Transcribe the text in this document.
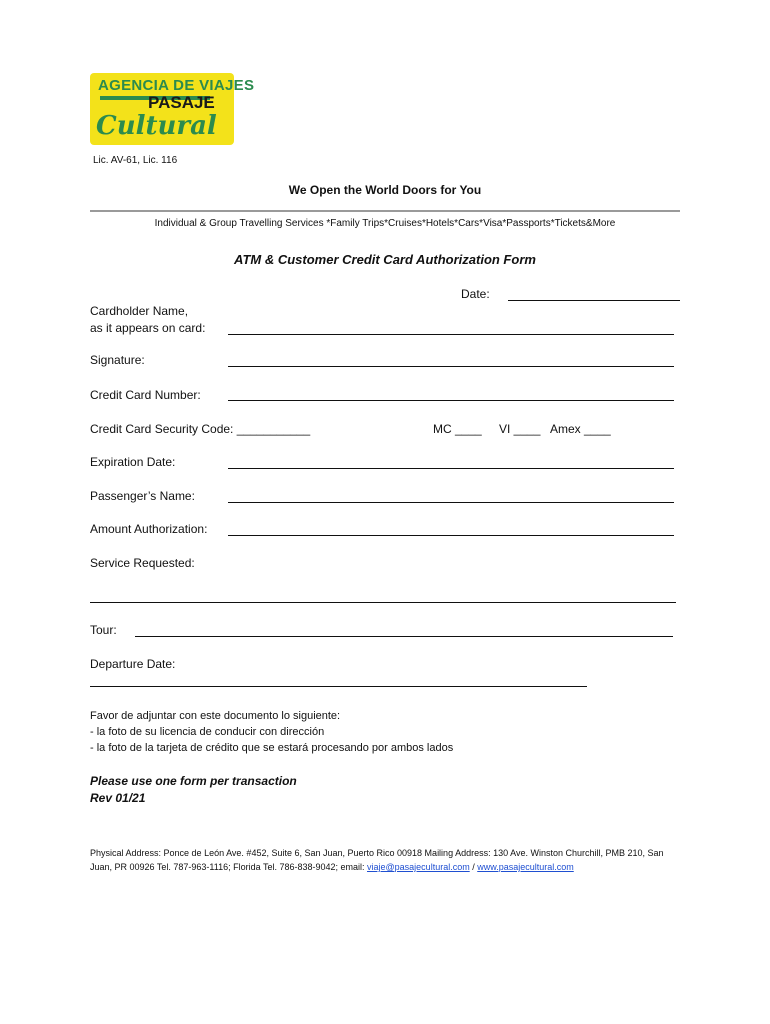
AGENCIA DE VIAJES
PASAJE
Cultural
Lic. AV-61, Lic. 116
We Open the World Doors for You
Individual & Group Travelling Services *Family Trips*Cruises*Hotels*Cars*Visa*Passports*Tickets&More
ATM & Customer Credit Card Authorization Form
Date:
Cardholder Name,
as it appears on card:
Signature:
Credit Card Number:
Credit Card Security Code: ___________	MC ____ VI ____ Amex ____
Expiration Date:
Passenger’s Name:
Amount Authorization:
Service Requested:
Tour:
Departure Date:
Favor de adjuntar con este documento lo siguiente:
- la foto de su licencia de conducir con dirección
- la foto de la tarjeta de crédito que se estará procesando por ambos lados
Please use one form per transaction
Rev 01/21
Physical Address: Ponce de León Ave. #452, Suite 6, San Juan, Puerto Rico 00918 Mailing Address: 130 Ave. Winston Churchill, PMB 210, San Juan, PR 00926 Tel. 787-963-1116; Florida Tel. 786-838-9042; email: viaje@pasajecultural.com / www.pasajecultural.com
